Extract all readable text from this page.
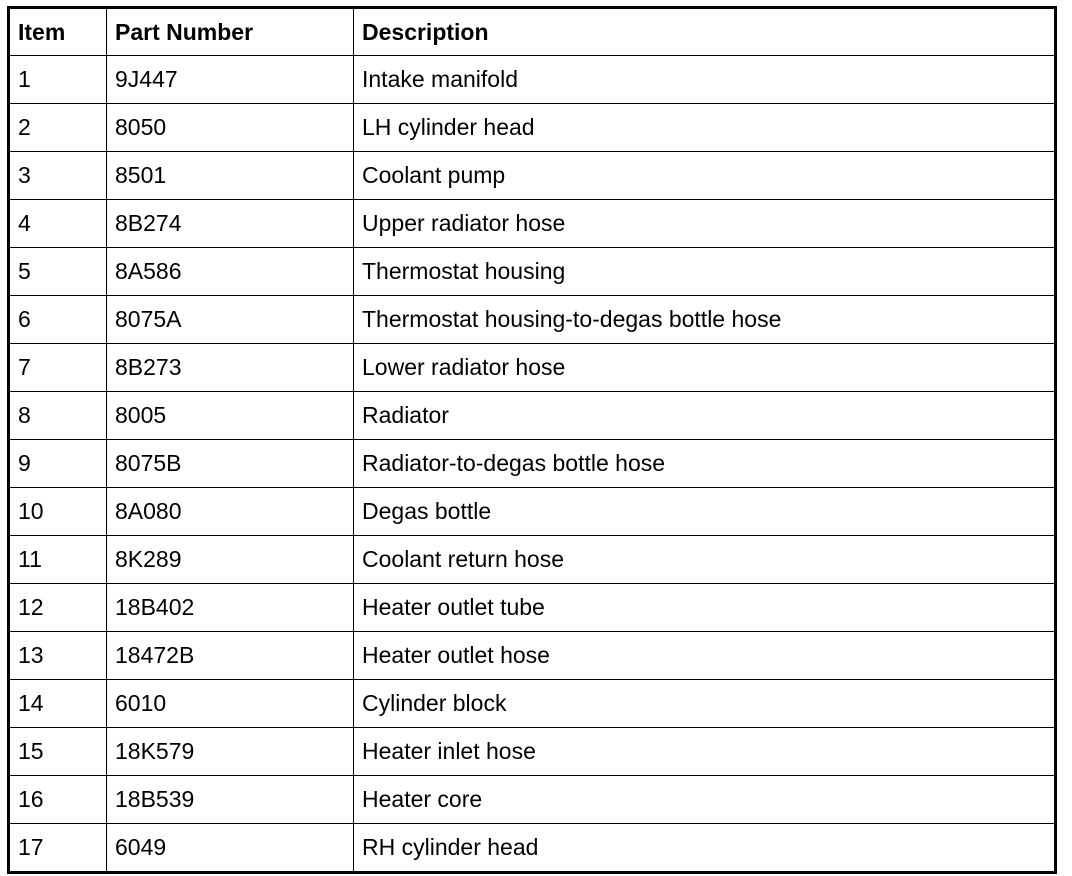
Item	Part Number	Description
1	9J447	Intake manifold
2	8050	LH cylinder head
3	8501	Coolant pump
4	8B274	Upper radiator hose
5	8A586	Thermostat housing
6	8075A	Thermostat housing-to-degas bottle hose
7	8B273	Lower radiator hose
8	8005	Radiator
9	8075B	Radiator-to-degas bottle hose
10	8A080	Degas bottle
11	8K289	Coolant return hose
12	18B402	Heater outlet tube
13	18472B	Heater outlet hose
14	6010	Cylinder block
15	18K579	Heater inlet hose
16	18B539	Heater core
17	6049	RH cylinder head
